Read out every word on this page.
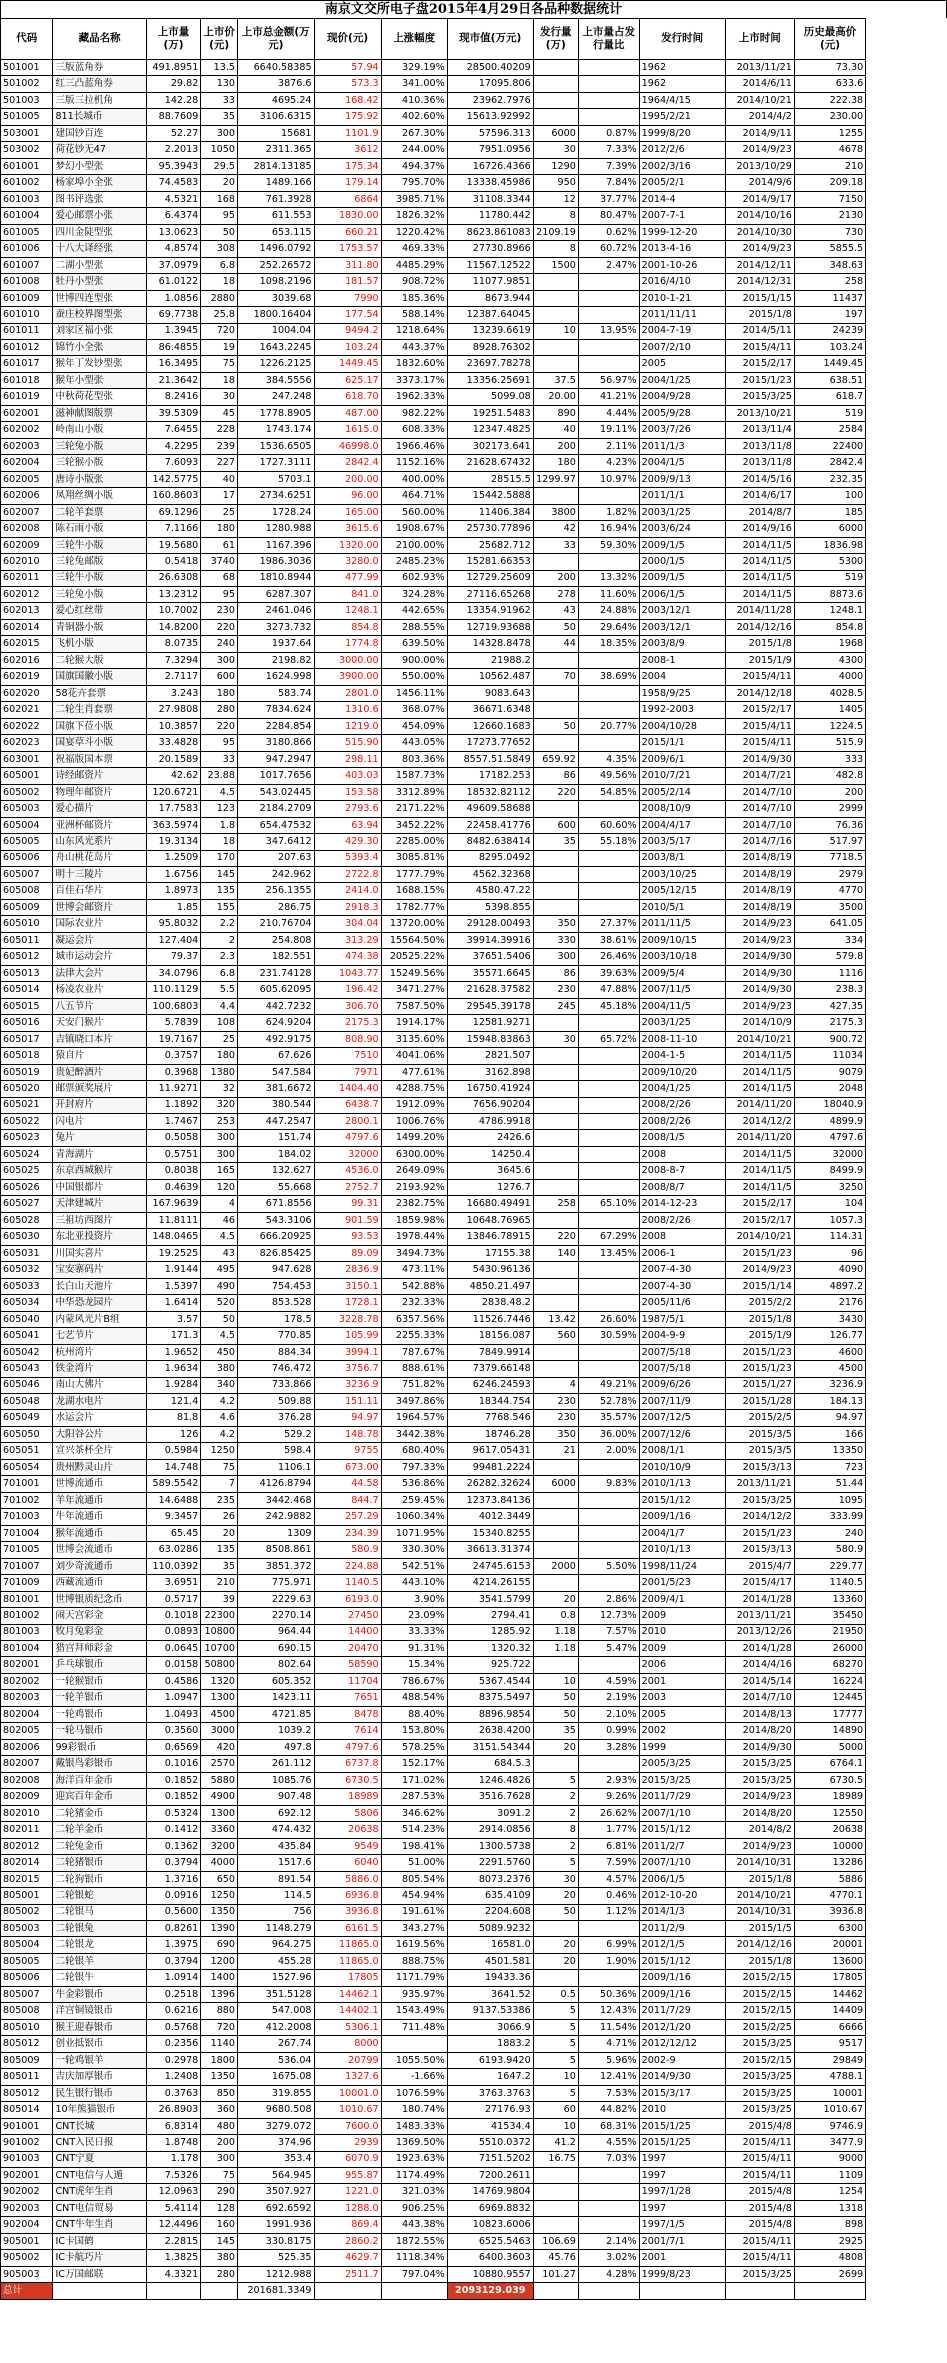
南京文交所电子盘2015年4月29日各品种数据统计
代码	藏品名称	上市量(万)	上市价(元)	上市总金额(万元)	现价(元)	上涨幅度	现市值(万元)	发行量(万)	上市量占发行量比	发行时间	上市时间	历史最高价(元)
501001	三版蓝角券	491.8951	13.5	6640.58385	57.94	329.19%	28500.40209			1962	2013/11/21	73.30
501002	红三凸蓝角券	29.82	130	3876.6	573.3	341.00%	17095.806			1962	2014/6/11	633.6
501003	三版三拉机角	142.28	33	4695.24	168.42	410.36%	23962.7976			1964/4/15	2014/10/21	222.38
501005	811长城币	88.7609	35	3106.6315	175.92	402.60%	15613.92992			1995/2/21	2014/4/2	230.00
503001	建国钞百连	52.27	300	15681	1101.9	267.30%	57596.313	6000	0.87%	1999/8/20	2014/9/11	1255
503002	荷花钞无47	2.2013	1050	2311.365	3612	244.00%	7951.0956	30	7.33%	2012/2/6	2014/9/23	4678
601001	梦幻小型张	95.3943	29.5	2814.13185	175.34	494.37%	16726.4366	1290	7.39%	2002/3/16	2013/10/29	210
601002	杨家埠小全张	74.4583	20	1489.166	179.14	795.70%	13338.45986	950	7.84%	2005/2/1	2014/9/6	209.18
601003	图书评选张	4.5321	168	761.3928	6864	3985.71%	31108.3344	12	37.77%	2014-4	2014/9/17	7150
601004	爱心邮票小张	6.4374	95	611.553	1830.00	1826.32%	11780.442	8	80.47%	2007-7-1	2014/10/16	2130
601005	四川金陡型张	13.0623	50	653.115	660.21	1220.42%	8623.861083	2109.19	0.62%	1999-12-20	2014/10/30	730
601006	十八大译经张	4.8574	308	1496.0792	1753.57	469.33%	27730.8966	8	60.72%	2013-4-16	2014/9/23	5855.5
601007	二湖小型张	37.0979	6.8	252.26572	311.80	4485.29%	11567.12522	1500	2.47%	2001-10-26	2014/12/11	348.63
601008	牡丹小型张	61.0122	18	1098.2196	181.57	908.72%	11077.9851			2016/4/10	2014/12/31	258
601009	世博四连型张	1.0856	2880	3039.68	7990	185.36%	8673.944			2010-1-21	2015/1/15	11437
601010	蚕庄校界图型张	69.7738	25.8	1800.16404	177.54	588.14%	12387.64045			2011/11/11	2015/1/8	197
601011	刘家区福小张	1.3945	720	1004.04	9494.2	1218.64%	13239.6619	10	13.95%	2004-7-19	2014/5/11	24239
601012	锦竹小全张	86.4855	19	1643.2245	103.24	443.37%	8928.76302			2007/2/10	2015/4/11	103.24
601017	猴年丁发钞型张	16.3495	75	1226.2125	1449.45	1832.60%	23697.78278			2005	2015/2/17	1449.45
601018	猴年小型张	21.3642	18	384.5556	625.17	3373.17%	13356.25691	37.5	56.97%	2004/1/25	2015/1/23	638.51
601019	中秋荷花型张	8.2416	30	247.248	618.70	1962.33%	5099.08	20.00	41.21%	2004/9/28	2015/3/25	618.7
602001	滋神献图版票	39.5309	45	1778.8905	487.00	982.22%	19251.5483	890	4.44%	2005/9/28	2013/10/21	519
602002	岭南山小版	7.6455	228	1743.174	1615.0	608.33%	12347.4825	40	19.11%	2003/7/26	2013/11/4	2584
602003	三轮兔小版	4.2295	239	1536.6505	46998.0	1966.46%	302173.641	200	2.11%	2011/1/3	2013/11/8	22400
602004	三轮猴小版	7.6093	227	1727.3111	2842.4	1152.16%	21628.67432	180	4.23%	2004/1/5	2013/11/8	2842.4
602005	唐诗小版张	142.5775	40	5703.1	200.00	400.00%	28515.5	1299.97	10.97%	2009/9/13	2014/5/16	232.35
602006	凤翔丝绸小版	160.8603	17	2734.6251	96.00	464.71%	15442.5888			2011/1/1	2014/6/17	100
602007	二轮羊套票	69.1296	25	1728.24	165.00	560.00%	11406.384	3800	1.82%	2003/1/25	2014/8/7	185
602008	陈石雨小版	7.1166	180	1280.988	3615.6	1908.67%	25730.77896	42	16.94%	2003/6/24	2014/9/16	6000
602009	三轮牛小版	19.5680	61	1167.396	1320.00	2100.00%	25682.712	33	59.30%	2009/1/5	2014/11/5	1836.98
602010	三轮兔邮版	0.5418	3740	1986.3036	3280.0	2485.23%	15281.66353			2000/1/5	2014/11/5	5300
602011	三轮牛小版	26.6308	68	1810.8944	477.99	602.93%	12729.25609	200	13.32%	2009/1/5	2014/11/5	519
602012	三轮兔小版	13.2312	95	6287.307	841.0	324.28%	27116.65268	278	11.60%	2006/1/5	2014/11/5	8873.6
602013	爱心红丝带	10.7002	230	2461.046	1248.1	442.65%	13354.91962	43	24.88%	2003/12/1	2014/11/28	1248.1
602014	青铜器小版	14.8200	220	3273.732	854.8	288.55%	12719.93688	50	29.64%	2003/12/1	2014/12/16	854.8
602015	飞机小版	8.0735	240	1937.64	1774.8	639.50%	14328.8478	44	18.35%	2003/8/9	2015/1/8	1968
602016	二轮猴大版	7.3294	300	2198.82	3000.00	900.00%	21988.2			2008-1	2015/1/9	4300
602019	国旗国徽小版	2.7117	600	1624.998	3900.00	550.00%	10562.487	70	38.69%	2004	2015/4/11	4000
602020	58花卉套票	3.243	180	583.74	2801.0	1456.11%	9083.643			1958/9/25	2014/12/18	4028.5
602021	二轮生肖套票	27.9808	280	7834.624	1310.6	368.07%	36671.6348			1992-2003	2015/2/17	1405
602022	国旗下莅小版	10.3857	220	2284.854	1219.0	454.09%	12660.1683	50	20.77%	2004/10/28	2015/4/11	1224.5
602023	国宴草斗小版	33.4828	95	3180.866	515.90	443.05%	17273.77652			2015/1/1	2015/4/11	515.9
603001	祝福版国本票	20.1589	33	947.2947	298.11	803.36%	8557.51.5849	659.92	4.35%	2009/6/1	2014/9/30	333
605001	诗经邮资片	42.62	23.88	1017.7656	403.03	1587.73%	17182.253	86	49.56%	2010/7/21	2014/7/21	482.8
605002	物理年邮资片	120.6721	4.5	543.02445	153.58	3312.89%	18532.82112	220	54.85%	2005/2/14	2014/7/10	200
605003	爱心描片	17.7583	123	2184.2709	2793.6	2171.22%	49609.58688			2008/10/9	2014/7/10	2999
605004	亚洲杯邮资片	363.5974	1.8	654.47532	63.94	3452.22%	22458.41776	600	60.60%	2004/4/17	2014/7/10	76.36
605005	山东风光系片	19.3134	18	347.6412	429.30	2285.00%	8482.638414	35	55.18%	2003/5/17	2014/7/16	517.97
605006	舟山桃花岛片	1.2509	170	207.63	5393.4	3085.81%	8295.0492			2003/8/1	2014/8/19	7718.5
605007	明十三陵片	1.6756	145	242.962	2722.8	1777.79%	4562.32368			2003/10/25	2014/8/19	2979
605008	百佳石华片	1.8973	135	256.1355	2414.0	1688.15%	4580.47.22			2005/12/15	2014/8/19	4770
605009	世博会邮资片	1.85	155	286.75	2918.3	1782.77%	5398.855			2010/5/1	2014/8/19	3500
605010	国际农业片	95.8032	2.2	210.76704	304.04	13720.00%	29128.00493	350	27.37%	2011/11/5	2014/9/23	641.05
605011	凝运会片	127.404	2	254.808	313.29	15564.50%	39914.39916	330	38.61%	2009/10/15	2014/9/23	334
605012	城市运动会片	79.37	2.3	182.551	474.38	20525.22%	37651.5406	300	26.46%	2003/10/18	2014/9/30	579.8
605013	法律大会片	34.0796	6.8	231.74128	1043.77	15249.56%	35571.6645	86	39.63%	2009/5/4	2014/9/30	1116
605014	杨凌农业片	110.1129	5.5	605.62095	196.42	3471.27%	21628.37582	230	47.88%	2007/11/5	2014/9/30	238.3
605015	八五节片	100.6803	4.4	442.7232	306.70	7587.50%	29545.39178	245	45.18%	2004/11/5	2014/9/23	427.35
605016	天安门猴片	5.7839	108	624.9204	2175.3	1914.17%	12581.9271			2003/1/25	2014/10/9	2175.3
605017	吉镇晓口本片	19.7167	25	492.9175	808.90	3135.60%	15948.83863	30	65.72%	2008-11-10	2014/10/21	900.72
605018	猿自片	0.3757	180	67.626	7510	4041.06%	2821.507			2004-1-5	2014/11/5	11034
605019	贵妃醉酒片	0.3968	1380	547.584	7971	477.61%	3162.898			2009/10/20	2014/11/5	9079
605020	邮票颁奖展片	11.9271	32	381.6672	1404.40	4288.75%	16750.41924			2004/1/25	2014/11/5	2048
605021	开封府片	1.1892	320	380.544	6438.7	1912.09%	7656.90204			2008/2/26	2014/11/20	18040.9
605022	闪电片	1.7467	253	447.2547	2800.1	1006.76%	4786.9918			2008/2/26	2014/12/2	4899.9
605023	兔片	0.5058	300	151.74	4797.6	1499.20%	2426.6			2008/1/5	2014/11/20	4797.6
605024	青海湖片	0.5751	300	184.02	32000	6300.00%	14250.4			2008	2014/11/5	32000
605025	东京西城猴片	0.8038	165	132.627	4536.0	2649.09%	3645.6			2008-8-7	2014/11/5	8499.9
605026	中国银都片	0.4639	120	55.668	2752.7	2193.92%	1276.7			2008/8/7	2014/11/5	3250
605027	天津建城片	167.9639	4	671.8556	99.31	2382.75%	16680.49491	258	65.10%	2014-12-23	2015/2/17	104
605028	三祖坊西图片	11.8111	46	543.3106	901.59	1859.98%	10648.76965			2008/2/26	2015/2/17	1057.3
605030	东北亚投资片	148.0465	4.5	666.20925	93.53	1978.44%	13846.78915	220	67.29%	2008	2014/10/21	114.31
605031	川国实喜片	19.2525	43	826.85425	89.09	3494.73%	17155.38	140	13.45%	2006-1	2015/1/23	96
605032	宝安寨码片	1.9144	495	947.628	2836.9	473.11%	5430.96136			2007-4-30	2014/9/23	4090
605033	长白山天池片	1.5397	490	754.453	3150.1	542.88%	4850.21.497			2007-4-30	2015/1/14	4897.2
605034	中华恐龙园片	1.6414	520	853.528	1728.1	232.33%	2838.48.2			2005/11/6	2015/2/2	2176
605040	内蒙风光片B组	3.57	50	178.5	3228.78	6357.56%	11526.7446	13.42	26.60%	1987/5/1	2015/1/8	3430
605041	七艺节片	171.3	4.5	770.85	105.99	2255.33%	18156.087	560	30.59%	2004-9-9	2015/1/9	126.77
605042	杭州湾片	1.9652	450	884.34	3994.1	787.67%	7849.9914			2007/5/18	2015/1/23	4600
605043	铁金湾片	1.9634	380	746.472	3756.7	888.61%	7379.66148			2007/5/18	2015/1/23	4500
605046	南山大佛片	1.9284	340	733.866	3236.9	751.82%	6246.24593	4	49.21%	2009/6/26	2015/1/27	3236.9
605048	龙湖水电片	121.4	4.2	509.88	151.11	3497.86%	18344.754	230	52.78%	2007/11/9	2015/1/28	184.13
605049	水运会片	81.8	4.6	376.28	94.97	1964.57%	7768.546	230	35.57%	2007/12/5	2015/2/5	94.97
605050	大阳谷公片	126	4.2	529.2	148.78	3442.38%	18746.28	350	36.00%	2007/12/6	2015/3/5	166
605051	宣兴茶杯全片	0.5984	1250	598.4	9755	680.40%	9617.05431	21	2.00%	2008/1/1	2015/3/5	13350
605054	贵州黔灵山片	14.748	75	1106.1	673.00	797.33%	99481.2224			2010/10/9	2015/3/13	723
701001	世博流通币	589.5542	7	4126.8794	44.58	536.86%	26282.32624	6000	9.83%	2010/1/13	2013/11/21	51.44
701002	羊年流通币	14.6488	235	3442.468	844.7	259.45%	12373.84136			2015/1/12	2015/3/25	1095
701003	牛年流通币	9.3457	26	242.9882	257.29	1060.34%	4012.3449			2009/1/16	2014/12/2	333.99
701004	猴年流通币	65.45	20	1309	234.39	1071.95%	15340.8255			2004/1/7	2015/1/23	240
701005	世博会流通币	63.0286	135	8508.861	580.9	330.30%	36613.31374			2010/1/13	2015/3/13	580.9
701007	刘少奇流通币	110.0392	35	3851.372	224.88	542.51%	24745.6153	2000	5.50%	1998/11/24	2015/4/7	229.77
701009	西藏流通币	3.6951	210	775.971	1140.5	443.10%	4214.26155			2001/5/23	2015/4/17	1140.5
801001	世博银质纪念币	0.5717	39	2229.63	6193.0	3.90%	3541.5799	20	2.86%	2009/4/1	2014/1/28	13360
801002	闹天宫彩金	0.1018	22300	2270.14	27450	23.09%	2794.41	0.8	12.73%	2009	2013/11/21	35450
801003	牧月兔彩金	0.0893	10800	964.44	14400	33.33%	1285.92	1.18	7.57%	2010	2013/12/26	21950
801004	猎宫拜师彩金	0.0645	10700	690.15	20470	91.31%	1320.32	1.18	5.47%	2009	2014/1/28	26000
802001	乒乓球银币	0.0158	50800	802.64	58590	15.34%	925.722			2006	2014/4/16	68270
802002	一轮猴银币	0.4586	1320	605.352	11704	786.67%	5367.4544	10	4.59%	2001	2014/5/14	16224
802003	一轮羊银币	1.0947	1300	1423.11	7651	488.54%	8375.5497	50	2.19%	2003	2014/7/10	12445
802004	一轮鸡银币	1.0493	4500	4721.85	8478	88.40%	8896.9854	50	2.10%	2005	2014/8/13	17777
802005	一轮马银币	0.3560	3000	1039.2	7614	153.80%	2638.4200	35	0.99%	2002	2014/8/20	14890
802006	99彩银币	0.6569	420	497.8	4797.6	578.25%	3151.54344	20	3.28%	1999	2014/9/30	5000
802007	戴银鸟彩银币	0.1016	2570	261.112	6737.8	152.17%	684.5.3			2005/3/25	2015/3/25	6764.1
802008	海洋百年金币	0.1852	5880	1085.76	6730.5	171.02%	1246.4826	5	2.93%	2015/3/25	2015/3/25	6730.5
802009	迎宾百年金币	0.1852	4900	907.48	18989	287.53%	3516.7628	2	9.26%	2011/7/29	2014/9/23	18989
802010	二轮猪金币	0.5324	1300	692.12	5806	346.62%	3091.2	2	26.62%	2007/1/10	2014/8/20	12550
802011	二轮羊金币	0.1412	3360	474.432	20638	514.23%	2914.0856	8	1.77%	2015/1/12	2014/8/2	20638
802012	二轮兔金币	0.1362	3200	435.84	9549	198.41%	1300.5738	2	6.81%	2011/2/7	2014/9/23	10000
802014	二轮猪银币	0.3794	4000	1517.6	6040	51.00%	2291.5760	5	7.59%	2007/1/10	2014/10/31	13286
802015	二轮狗银币	1.3716	650	891.54	5886.0	805.54%	8073.2376	30	4.57%	2006/1/5	2015/1/8	5886
805001	二轮银蛇	0.0916	1250	114.5	6936.8	454.94%	635.4109	20	0.46%	2012-10-20	2014/10/21	4770.1
805002	二轮银马	0.5600	1350	756	3936.8	191.61%	2204.608	50	1.12%	2014/1/3	2014/10/31	3936.8
805003	二轮银兔	0.8261	1390	1148.279	6161.5	343.27%	5089.9232			2011/2/9	2015/1/5	6300
805004	二轮银龙	1.3975	690	964.275	11865.0	1619.56%	16581.0	20	6.99%	2012/1/5	2014/12/16	20001
805005	二轮银羊	0.3794	1200	455.28	11865.0	888.75%	4501.581	20	1.90%	2015/1/12	2015/1/8	13600
805006	二轮银牛	1.0914	1400	1527.96	17805	1171.79%	19433.36			2009/1/16	2015/2/15	17805
805007	牛金彩银币	0.2518	1396	351.5128	14462.1	935.97%	3641.52	0.5	50.36%	2009/1/16	2015/2/15	14462
805008	洋宫铜镜银币	0.6216	880	547.008	14402.1	1543.49%	9137.53386	5	12.43%	2011/7/29	2015/2/15	14409
805010	猴王迎春银币	0.5768	720	412.2008	5306.1	711.48%	3066.9	5	11.54%	2012/1/20	2015/2/25	6666
805012	创业抵银币	0.2356	1140	267.74	8000		1883.2	5	4.71%	2012/12/12	2015/3/25	9517
805009	一轮鸡银羊	0.2978	1800	536.04	20799	1055.50%	6193.9420	5	5.96%	2002-9	2015/2/15	29849
805011	吉庆加厚银币	1.2408	1350	1675.08	1327.6	-1.66%	1647.2	10	12.41%	2014/9/30	2015/3/25	4788.1
805012	民生银行银币	0.3763	850	319.855	10001.0	1076.59%	3763.3763	5	7.53%	2015/3/17	2015/3/25	10001
805014	10年熊猫银币	26.8903	360	9680.508	1010.67	180.74%	27176.93	60	44.82%	2010	2015/3/25	1010.67
901001	CNT长城	6.8314	480	3279.072	7600.0	1483.33%	41534.4	10	68.31%	2015/1/25	2015/4/8	9746.9
901002	CNT入民日报	1.8748	200	374.96	2939	1369.50%	5510.0372	41.2	4.55%	2015/1/25	2015/4/11	3477.9
901003	CNT宁夏	1.178	300	353.4	6070.9	1923.63%	7151.5202	16.75	7.03%	1997	2015/4/11	9000
902001	CNT电信与人遁	7.5326	75	564.945	955.87	1174.49%	7200.2611			1997	2015/4/11	1109
902002	CNT虎年生肖	12.0963	290	3507.927	1221.0	321.03%	14769.9804			1997/1/28	2015/4/8	1254
902003	CNT电信贸易	5.4114	128	692.6592	1288.0	906.25%	6969.8832			1997	2015/4/8	1318
902004	CNT牛年生肖	12.4496	160	1991.936	869.4	443.38%	10823.6006			1997/1/5	2015/4/8	898
905001	IC卡国鹤	2.2815	145	330.8175	2860.2	1872.55%	6525.5463	106.69	2.14%	2001/7/1	2015/4/11	2925
905002	IC卡航巧片	1.3825	380	525.35	4629.7	1118.34%	6400.3603	45.76	3.02%	2001	2015/4/11	4808
905003	IC万国邮联	4.3321	280	1212.988	2511.7	797.04%	10880.9557	101.27	4.28%	1999/8/23	2015/3/25	2699
总计				201681.3349			2093129.039					
